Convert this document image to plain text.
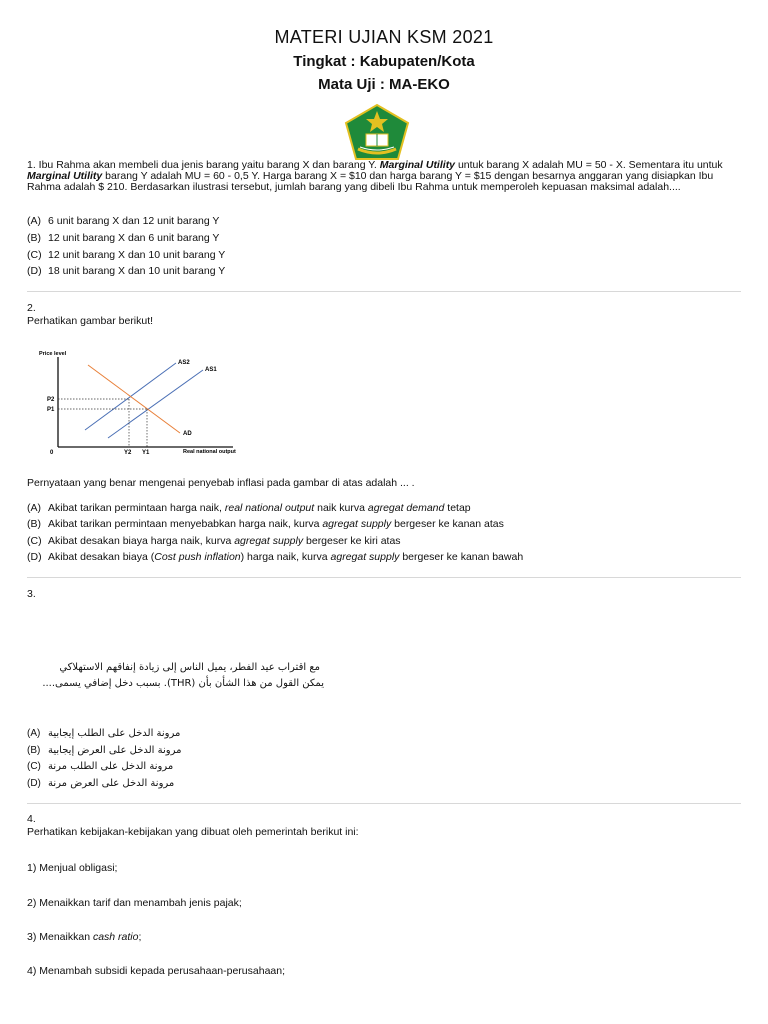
MATERI UJIAN KSM 2021
Tingkat : Kabupaten/Kota
Mata Uji : MA-EKO
1. Ibu Rahma akan membeli dua jenis barang yaitu barang X dan barang Y. Marginal Utility untuk barang X adalah MU = 50 - X. Sementara itu untuk Marginal Utility barang Y adalah MU = 60 - 0,5 Y. Harga barang X = $10 dan harga barang Y = $15 dengan besarnya anggaran yang disiapkan Ibu Rahma adalah $ 210. Berdasarkan ilustrasi tersebut, jumlah barang yang dibeli Ibu Rahma untuk memperoleh kepuasan maksimal adalah....
(A) 6 unit barang X dan 12 unit barang Y
(B) 12 unit barang X dan 6 unit barang Y
(C) 12 unit barang X dan 10 unit barang Y
(D) 18 unit barang X dan 10 unit barang Y
2.
Perhatikan gambar berikut!
Price level
0	Real national output
AS2
AS1
AD
P2
P1
Y2 Y1
Pernyataan yang benar mengenai penyebab inflasi pada gambar di atas adalah ... .
(A) Akibat tarikan permintaan harga naik, real national output naik kurva agregat demand tetap
(B) Akibat tarikan permintaan menyebabkan harga naik, kurva agregat supply bergeser ke kanan atas
(C) Akibat desakan biaya harga naik, kurva agregat supply bergeser ke kiri atas
(D) Akibat desakan biaya (Cost push inflation) harga naik, kurva agregat supply bergeser ke kanan bawah
3.
مع اقتراب عيد الفطر، يميل الناس إلى زيادة إنفاقهم الاستهلاكي
يمكن القول من هذا الشأن بأن (THR). بسبب دخل إضافي يسمى....
(A) مرونة الدخل على الطلب إيجابية
(B) مرونة الدخل على العرض إيجابية
(C) مرونة الدخل على الطلب مرنة
(D) مرونة الدخل على العرض مرنة
4.
Perhatikan kebijakan-kebijakan yang dibuat oleh pemerintah berikut ini:
1) Menjual obligasi;
2) Menaikkan tarif dan menambah jenis pajak;
3) Menaikkan cash ratio;
4) Menambah subsidi kepada perusahaan-perusahaan;
